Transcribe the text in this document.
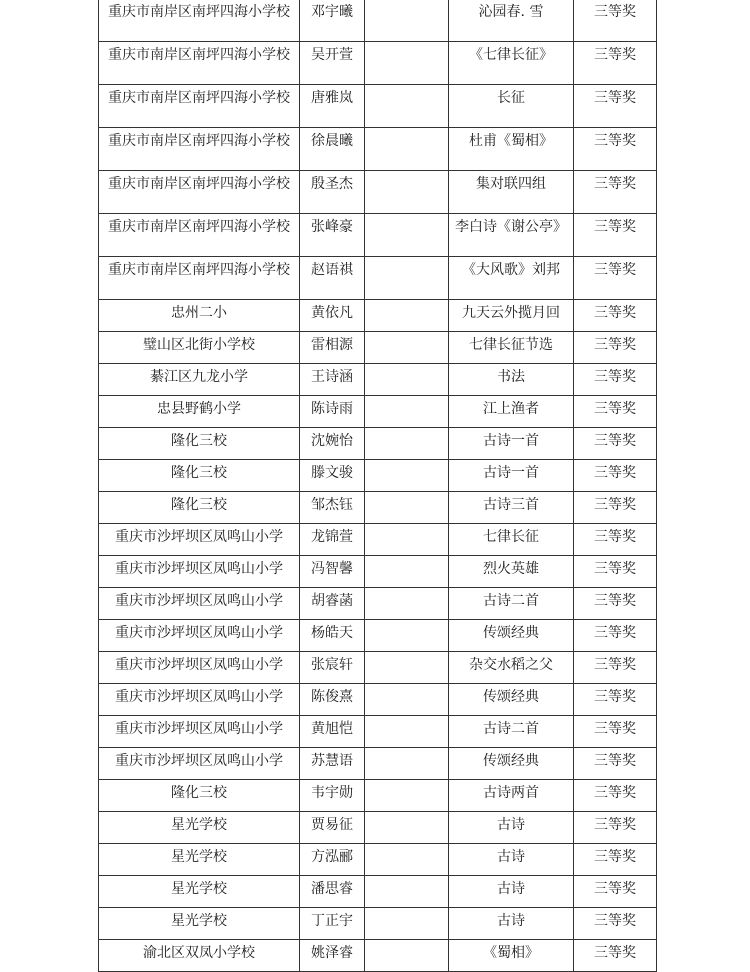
重庆市南岸区南坪四海小学校	邓宇曦		沁园春. 雪	三等奖
重庆市南岸区南坪四海小学校	吴开萱		《七律长征》	三等奖
重庆市南岸区南坪四海小学校	唐雅岚		长征	三等奖
重庆市南岸区南坪四海小学校	徐晨曦		杜甫《蜀相》	三等奖
重庆市南岸区南坪四海小学校	殷圣杰		集对联四组	三等奖
重庆市南岸区南坪四海小学校	张峰豪		李白诗《谢公亭》	三等奖
重庆市南岸区南坪四海小学校	赵语祺		《大风歌》刘邦	三等奖
忠州二小	黄依凡		九天云外揽月回	三等奖
璧山区北街小学校	雷相源		七律长征节选	三等奖
綦江区九龙小学	王诗涵		书法	三等奖
忠县野鹤小学	陈诗雨		江上渔者	三等奖
隆化三校	沈婉怡		古诗一首	三等奖
隆化三校	滕文骏		古诗一首	三等奖
隆化三校	邹杰钰		古诗三首	三等奖
重庆市沙坪坝区凤鸣山小学	龙锦萱		七律长征	三等奖
重庆市沙坪坝区凤鸣山小学	冯智馨		烈火英雄	三等奖
重庆市沙坪坝区凤鸣山小学	胡睿菡		古诗二首	三等奖
重庆市沙坪坝区凤鸣山小学	杨皓天		传颂经典	三等奖
重庆市沙坪坝区凤鸣山小学	张宸轩		杂交水稻之父	三等奖
重庆市沙坪坝区凤鸣山小学	陈俊熹		传颂经典	三等奖
重庆市沙坪坝区凤鸣山小学	黄旭恺		古诗二首	三等奖
重庆市沙坪坝区凤鸣山小学	苏慧语		传颂经典	三等奖
隆化三校	韦宇勋		古诗两首	三等奖
星光学校	贾易征		古诗	三等奖
星光学校	方泓郦		古诗	三等奖
星光学校	潘思睿		古诗	三等奖
星光学校	丁正宇		古诗	三等奖
渝北区双凤小学校	姚泽睿		《蜀相》	三等奖
